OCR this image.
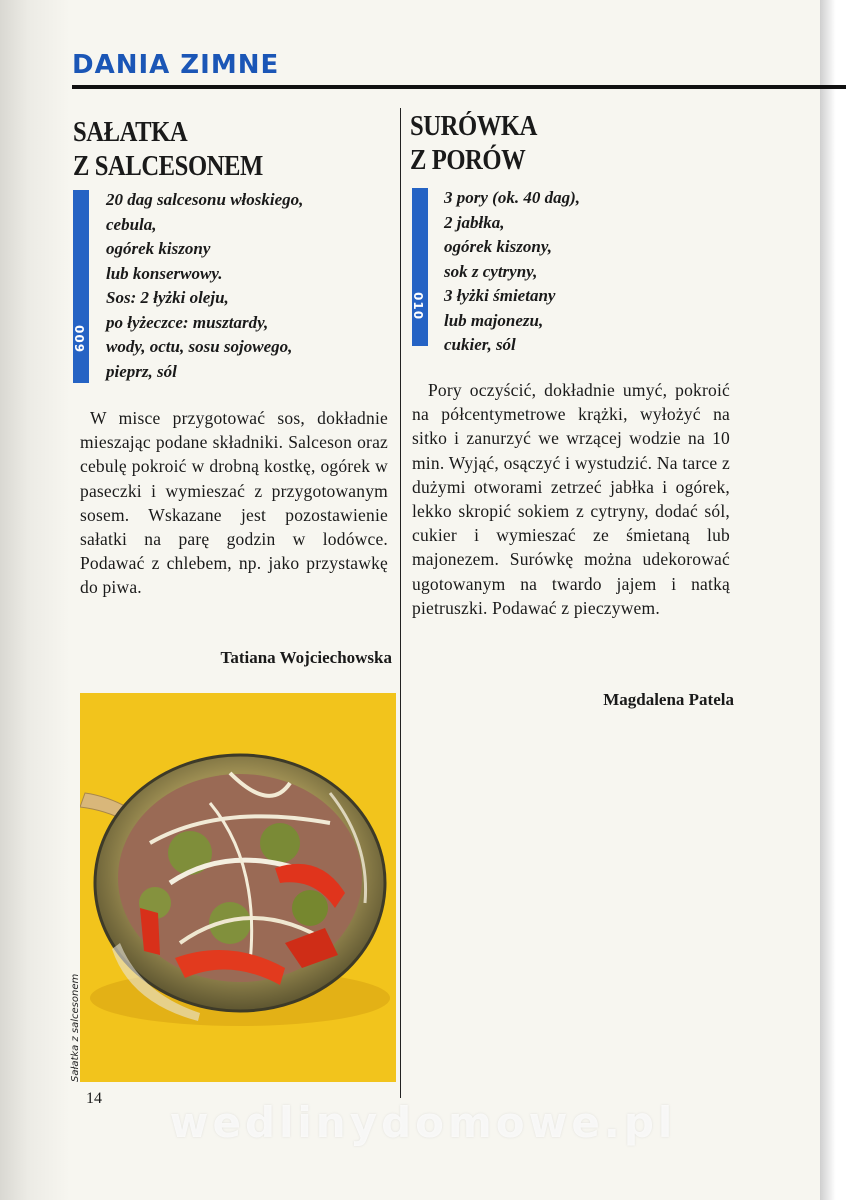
DANIA ZIMNE
SAŁATKA
Z SALCESONEM
009
20 dag salcesonu włoskiego,
cebula,
ogórek kiszony
lub konserwowy.
Sos: 2 łyżki oleju,
po łyżeczce: musztardy,
wody, octu, sosu sojowego,
pieprz, sól

W misce przygotować sos, dokładnie mieszając podane składniki. Salceson oraz cebulę pokroić w drobną kostkę, ogórek w paseczki i wymieszać z przygotowanym sosem. Wskazane jest pozostawienie sałatki na parę godzin w lodówce. Podawać z chlebem, np. jako przystawkę do piwa.

Tatiana Wojciechowska

SURÓWKA
Z PORÓW
010
3 pory (ok. 40 dag),
2 jabłka,
ogórek kiszony,
sok z cytryny,
3 łyżki śmietany
lub majonezu,
cukier, sól

Pory oczyścić, dokładnie umyć, pokroić na półcentymetrowe krążki, wyłożyć na sitko i zanurzyć we wrzącej wodzie na 10 min. Wyjąć, osączyć i wystudzić. Na tarce z dużymi otworami zetrzeć jabłka i ogórek, lekko skropić sokiem z cytryny, dodać sól, cukier i wymieszać ze śmietaną lub majonezem. Surówkę można udekorować ugotowanym na twardo jajem i natką pietruszki. Podawać z pieczywem.

Magdalena Patela

Sałatka z salcesonem

14	wedlinydomowe.pl
